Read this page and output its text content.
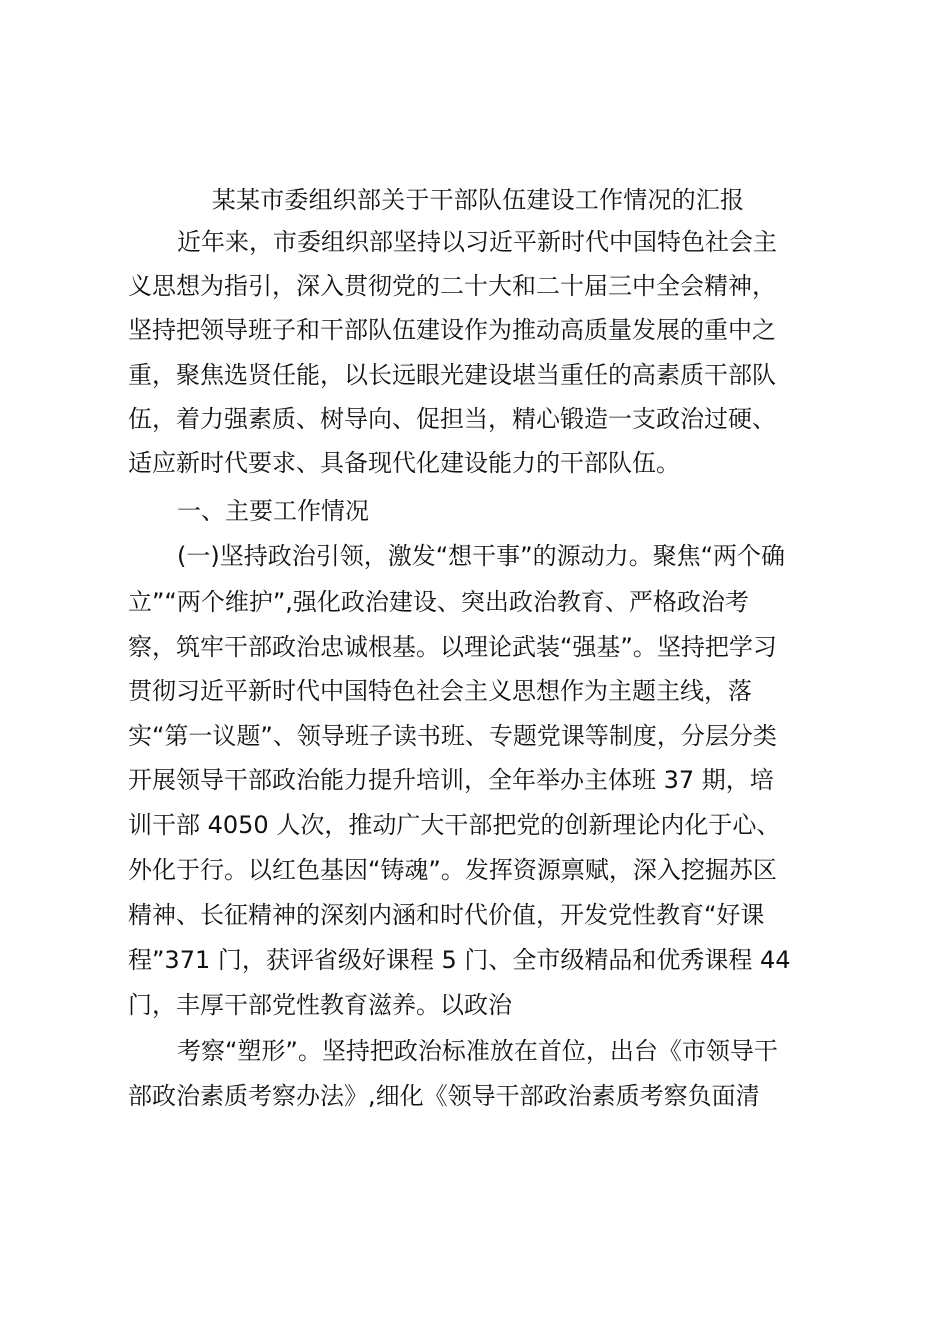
某某市委组织部关于干部队伍建设工作情况的汇报
近年来，市委组织部坚持以习近平新时代中国特色社会主
义思想为指引，深入贯彻党的二十大和二十届三中全会精神，
坚持把领导班子和干部队伍建设作为推动高质量发展的重中之
重，聚焦选贤任能，以长远眼光建设堪当重任的高素质干部队
伍，着力强素质、树导向、促担当，精心锻造一支政治过硬、
适应新时代要求、具备现代化建设能力的干部队伍。
一、主要工作情况
(一)坚持政治引领，激发“想干事”的源动力。聚焦“两个确
立”“两个维护”,强化政治建设、突出政治教育、严格政治考
察，筑牢干部政治忠诚根基。以理论武装“强基”。坚持把学习
贯彻习近平新时代中国特色社会主义思想作为主题主线，落
实“第一议题”、领导班子读书班、专题党课等制度，分层分类
开展领导干部政治能力提升培训，全年举办主体班 37 期，培
训干部 4050 人次，推动广大干部把党的创新理论内化于心、
外化于行。以红色基因“铸魂”。发挥资源禀赋，深入挖掘苏区
精神、长征精神的深刻内涵和时代价值，开发党性教育“好课
程”371 门，获评省级好课程 5 门、全市级精品和优秀课程 44
门，丰厚干部党性教育滋养。以政治
考察“塑形”。坚持把政治标准放在首位，出台《市领导干
部政治素质考察办法》,细化《领导干部政治素质考察负面清
